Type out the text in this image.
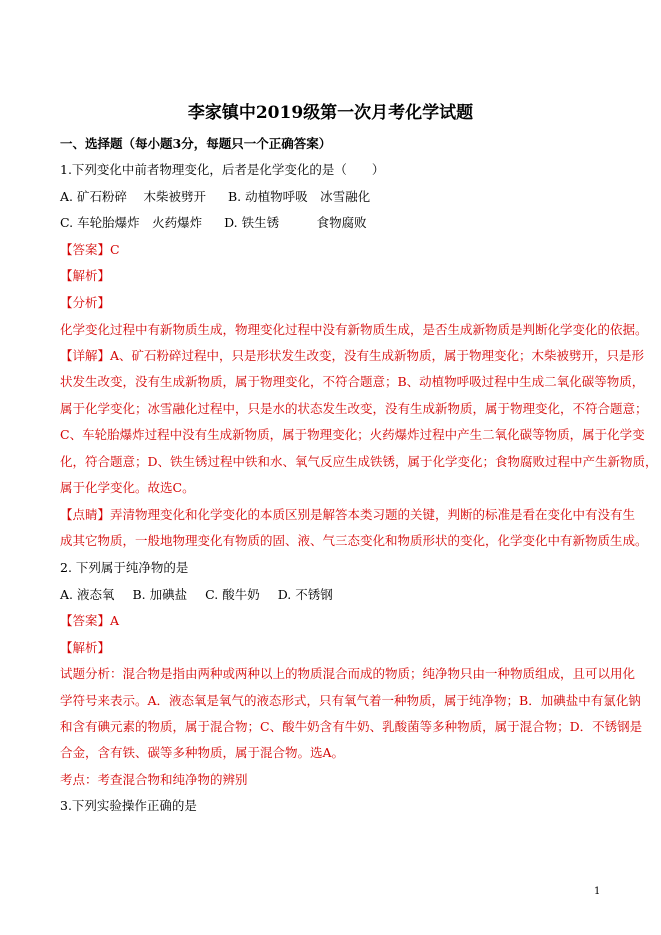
李家镇中2019级第一次月考化学试题
一、选择题（每小题3分，每题只一个正确答案）
1.下列变化中前者物理变化，后者是化学变化的是（　　）
A. 矿石粉碎　 木柴被劈开 B. 动植物呼吸　冰雪融化
C. 车轮胎爆炸　火药爆炸 D. 铁生锈　　　食物腐败
【答案】C
【解析】
【分析】
化学变化过程中有新物质生成，物理变化过程中没有新物质生成，是否生成新物质是判断化学变化的依据。
【详解】A、矿石粉碎过程中，只是形状发生改变，没有生成新物质，属于物理变化；木柴被劈开，只是形
状发生改变，没有生成新物质，属于物理变化，不符合题意；B、动植物呼吸过程中生成二氧化碳等物质，
属于化学变化；冰雪融化过程中，只是水的状态发生改变，没有生成新物质，属于物理变化，不符合题意；
C、车轮胎爆炸过程中没有生成新物质，属于物理变化；火药爆炸过程中产生二氧化碳等物质，属于化学变
化，符合题意；D、铁生锈过程中铁和水、氧气反应生成铁锈，属于化学变化；食物腐败过程中产生新物质，
属于化学变化。故选C。
【点睛】弄清物理变化和化学变化的本质区别是解答本类习题的关键，判断的标准是看在变化中有没有生
成其它物质，一般地物理变化有物质的固、液、气三态变化和物质形状的变化，化学变化中有新物质生成。
2. 下列属于纯净物的是
A. 液态氧 B. 加碘盐 C. 酸牛奶 D. 不锈钢
【答案】A
【解析】
试题分析：混合物是指由两种或两种以上的物质混合而成的物质；纯净物只由一种物质组成，且可以用化
学符号来表示。A．液态氧是氧气的液态形式，只有氧气着一种物质，属于纯净物；B．加碘盐中有氯化钠
和含有碘元素的物质，属于混合物；C、酸牛奶含有牛奶、乳酸菌等多种物质，属于混合物；D．不锈钢是
合金，含有铁、碳等多种物质，属于混合物。选A。
考点：考查混合物和纯净物的辨别
3.下列实验操作正确的是
1
